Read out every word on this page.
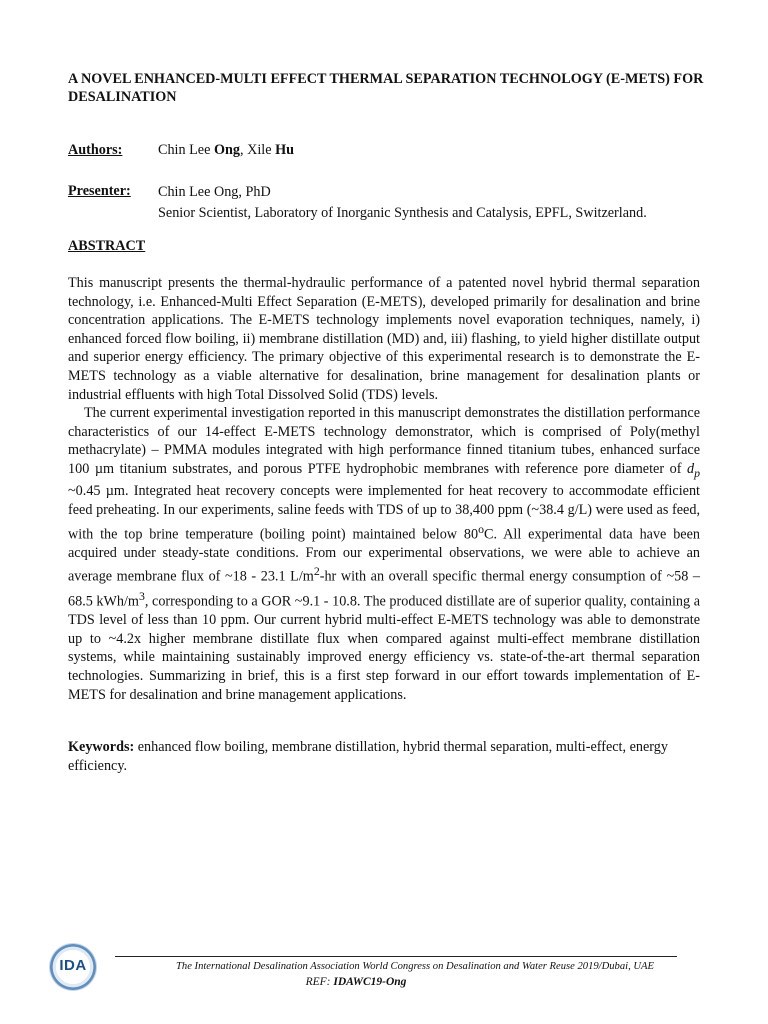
A NOVEL ENHANCED-MULTI EFFECT THERMAL SEPARATION TECHNOLOGY (E-METS) FOR DESALINATION
Authors:	Chin Lee Ong, Xile Hu
Presenter: Chin Lee Ong, PhD
Senior Scientist, Laboratory of Inorganic Synthesis and Catalysis, EPFL, Switzerland.
ABSTRACT

This manuscript presents the thermal-hydraulic performance of a patented novel hybrid thermal separation technology, i.e. Enhanced-Multi Effect Separation (E-METS), developed primarily for desalination and brine concentration applications. The E-METS technology implements novel evaporation techniques, namely, i) enhanced forced flow boiling, ii) membrane distillation (MD) and, iii) flashing, to yield higher distillate output and superior energy efficiency. The primary objective of this experimental research is to demonstrate the E-METS technology as a viable alternative for desalination, brine management for desalination plants or industrial effluents with high Total Dissolved Solid (TDS) levels.

The current experimental investigation reported in this manuscript demonstrates the distillation performance characteristics of our 14-effect E-METS technology demonstrator, which is comprised of Poly(methyl methacrylate) – PMMA modules integrated with high performance finned titanium tubes, enhanced surface 100 µm titanium substrates, and porous PTFE hydrophobic membranes with reference pore diameter of $d_p$ ~0.45 µm. Integrated heat recovery concepts were implemented for heat recovery to accommodate efficient feed preheating. In our experiments, saline feeds with TDS of up to 38,400 ppm (~38.4 g/L) were used as feed, with the top brine temperature (boiling point) maintained below 80$^o$C. All experimental data have been acquired under steady-state conditions. From our experimental observations, we were able to achieve an average membrane flux of ~18 - 23.1 $L/m^2-hr$ with an overall specific thermal energy consumption of ~58 – 68.5 kWh/$m^3$, corresponding to a GOR ~9.1 - 10.8. The produced distillate are of superior quality, containing a TDS level of less than 10 ppm. Our current hybrid multi-effect E-METS technology was able to demonstrate up to ~4.2x higher membrane distillate flux when compared against multi-effect membrane distillation systems, while maintaining sustainably improved energy efficiency vs. state-of-the-art thermal separation technologies. Summarizing in brief, this is a first step forward in our effort towards implementation of E-METS for desalination and brine management applications.

Keywords: enhanced flow boiling, membrane distillation, hybrid thermal separation, multi-effect, energy efficiency.
IDA	The International Desalination Association World Congress on Desalination and Water Reuse 2019/Dubai, UAE
REF: IDAWC19-Ong
